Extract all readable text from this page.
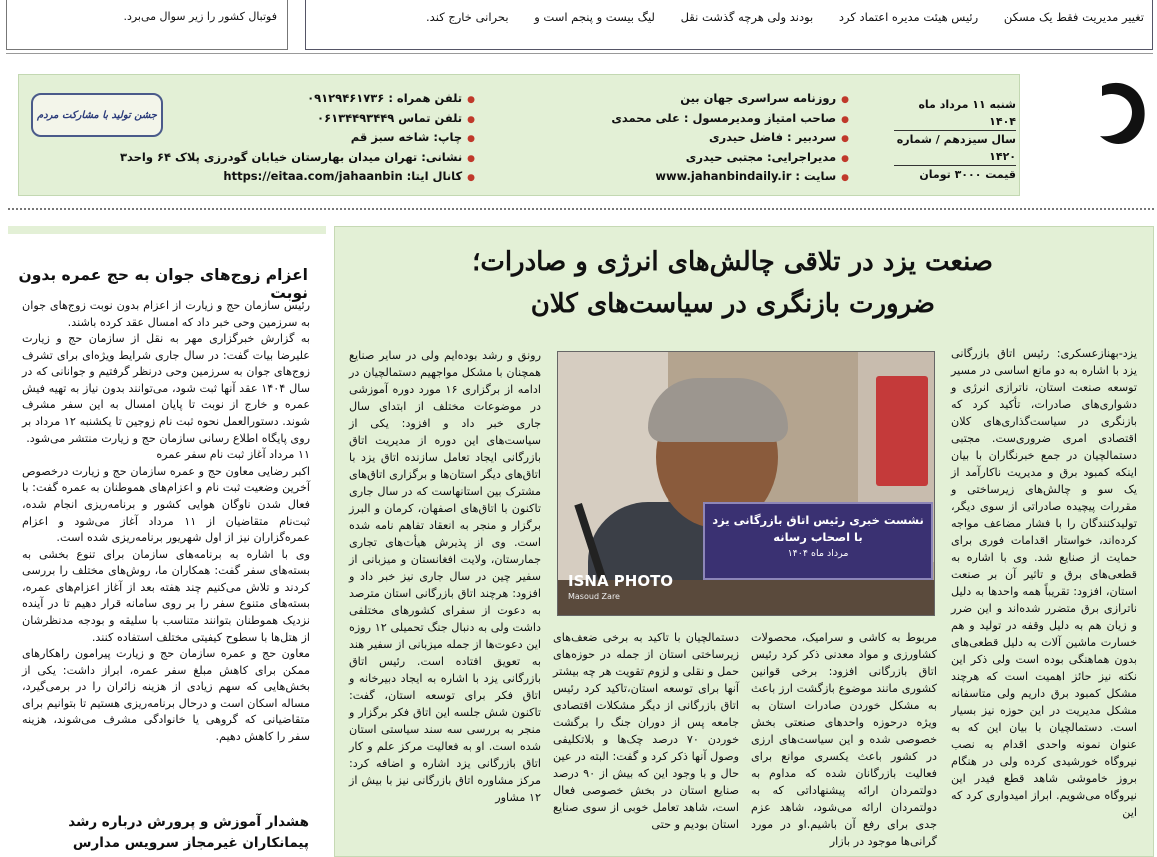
فوتبال کشور را زیر سوال می‌برد.	تغییر مدیریت فقط یک مسکن رئیس هیئت مدیره اعتماد کرد بودند ولی هرچه گذشت نقل لیگ بیست و پنجم است و بحرانی خارج کند.
● روزنامه سراسری جهان بین
● صاحب امتیاز ومدیرمسول : علی محمدی
● سردبیر : فاضل حیدری
● مدیراجرایی: مجتبی حیدری
● سایت : www.jahanbindaily.ir
● تلفن همراه : ۰۹۱۲۹۴۶۱۷۳۶
● تلفن تماس ۰۶۱۳۴۴۹۳۴۴۹
● چاپ: شاخه سبز قم
● نشانی: تهران میدان بهارستان خیابان گودرزی پلاک ۶۴ واحد۳
● کانال ایتا: https://eitaa.com/jahaanbin
جشن تولید با مشارکت مردم
شنبه ۱۱ مرداد ماه ۱۴۰۴
سال سیزدهم / شماره ۱۴۲۰
قیمت ۳۰۰۰ تومان
اعزام زوج‌های جوان به حج عمره بدون نوبت

رئیس سازمان حج و زیارت از اعزام بدون نوبت زوج‌های جوان به سرزمین وحی خبر داد که امسال عقد کرده باشند.

به گزارش خبرگزاری مهر به نقل از سازمان حج و زیارت علیرضا بیات گفت: در سال جاری شرایط ویژه‌ای برای تشرف زوج‌های جوان به سرزمین وحی درنظر گرفتیم و جوانانی که در سال ۱۴۰۴ عقد آنها ثبت شود، می‌توانند بدون نیاز به تهیه فیش عمره و خارج از نوبت تا پایان امسال به این سفر مشرف شوند. دستورالعمل نحوه ثبت نام زوجین تا یکشنبه ۱۲ مرداد بر روی پایگاه اطلاع رسانی سازمان حج و زیارت منتشر می‌شود.

۱۱ مرداد آغاز ثبت نام سفر عمره

اکبر رضایی معاون حج و عمره سازمان حج و زیارت درخصوص آخرین وضعیت ثبت نام و اعزام‌های هموطنان به عمره گفت: با فعال شدن ناوگان هوایی کشور و برنامه‌ریزی انجام شده، ثبت‌نام متقاضیان از ۱۱ مرداد آغاز می‌شود و اعزام عمره‌گزاران نیز از اول شهریور برنامه‌ریزی شده است.

وی با اشاره به برنامه‌های سازمان برای تنوع بخشی به بسته‌های سفر گفت: همکاران ما، روش‌های مختلف را بررسی کردند و تلاش می‌کنیم چند هفته بعد از آغاز اعزام‌های عمره، بسته‌های متنوع سفر را بر روی سامانه قرار دهیم تا در آینده نزدیک هموطنان بتوانند متناسب با سلیقه و بودجه مدنظرشان از هتل‌ها با سطوح کیفیتی مختلف استفاده کنند.

معاون حج و عمره سازمان حج و زیارت پیرامون راهکارهای ممکن برای کاهش مبلغ سفر عمره، ابراز داشت: یکی از بخش‌هایی که سهم زیادی از هزینه زائران را در برمی‌گیرد، مساله اسکان است و درحال برنامه‌ریزی هستیم تا بتوانیم برای متقاضیانی که گروهی یا خانوادگی مشرف می‌شوند، هزینه سفر را کاهش دهیم.

هشدار آموزش و پرورش درباره رشد پیمانکاران غیرمجاز سرویس مدارس
صنعت یزد در تلاقی چالش‌های انرژی و صادرات؛
ضرورت بازنگری در سیاست‌های کلان
یزد-بهنازعسکری: رئیس اتاق بازرگانی یزد با اشاره به دو مانع اساسی در مسیر توسعه صنعت استان، ناترازی انرژی و دشواری‌های صادرات، تأکید کرد که بازنگری در سیاست‌گذاری‌های کلان اقتصادی امری ضروری‌ست. مجتبی دستمالچیان در جمع خبرنگاران با بیان اینکه کمبود برق و مدیریت ناکارآمد از یک سو و چالش‌های زیرساختی و مقررات پیچیده صادراتی از سوی دیگر، تولیدکنندگان را با فشار مضاعف مواجه کرده‌اند، خواستار اقدامات فوری برای حمایت از صنایع شد. وی با اشاره به قطعی‌های برق و تاثیر آن بر صنعت استان، افزود: تقریباً همه واحدها به دلیل ناترازی برق متضرر شده‌اند و این ضرر و زیان هم به دلیل وقفه در تولید و هم خسارت ماشین آلات به دلیل قطعی‌های بدون هماهنگی بوده است ولی ذکر این نکته نیز حائز اهمیت است که هرچند مشکل کمبود برق داریم ولی متاسفانه مشکل مدیریت در این حوزه نیز بسیار است. دستمالچیان با بیان این که به عنوان نمونه واحدی اقدام به نصب نیروگاه خورشیدی کرده ولی در هنگام بروز خاموشی شاهد قطع فیدر این نیروگاه می‌شویم. ابراز امیدواری کرد که این
نشست خبری رئیس اتاق بازرگانی یزد
با اصحاب رسانه
مرداد ماه ۱۴۰۴
ISNA PHOTO
Masoud Zare
مربوط به کاشی و سرامیک، محصولات کشاورزی و مواد معدنی ذکر کرد رئیس اتاق بازرگانی افزود: برخی قوانین کشوری مانند موضوع بازگشت ارز باعث به مشکل خوردن صادرات استان به ویژه درحوزه واحدهای صنعتی بخش خصوصی شده و این سیاست‌های ارزی در کشور باعث یکسری موانع برای فعالیت بازرگانان شده که مداوم به دولتمردان ارائه پیشنهاداتی که به دولتمردان ارائه می‌شود، شاهد عزم جدی برای رفع آن باشیم.او در مورد گرانی‌ها موجود در بازار
دستمالچیان با تاکید به برخی ضعف‌های زیرساختی استان از جمله در حوزه‌های حمل و نقلی و لزوم تقویت هر چه بیشتر آنها برای توسعه استان،تاکید کرد رئیس اتاق بازرگانی از دیگر مشکلات اقتصادی جامعه پس از دوران جنگ را برگشت خوردن ۷۰ درصد چک‌ها و بلاتکلیفی وصول آنها ذکر کرد و گفت: البته در عین حال و با وجود این که بیش از ۹۰ درصد صنایع استان در بخش خصوصی فعال است، شاهد تعامل خوبی از سوی صنایع استان بودیم و حتی
رونق و رشد بوده‌ایم ولی در سایر صنایع همچنان با مشکل مواجهیم دستمالچیان در ادامه از برگزاری ۱۶ مورد دوره آموزشی در موضوعات مختلف از ابتدای سال جاری خبر داد و افزود: یکی از سیاست‌های این دوره از مدیریت اتاق بازرگانی ایجاد تعامل سازنده اتاق یزد با اتاق‌های دیگر استان‌ها و برگزاری اتاق‌های مشترک بین استانهاست که در سال جاری تاکنون با اتاق‌های اصفهان، کرمان و البرز برگزار و منجر به انعقاد تفاهم نامه شده است. وی از پذیرش هیأت‌های تجاری جمارستان، ولایت افغانستان و میزبانی از سفیر چین در سال جاری نیز خبر داد و افزود: هرچند اتاق بازرگانی استان مترصد به دعوت از سفرای کشورهای مختلفی داشت ولی به دنبال جنگ تحمیلی ۱۲ روزه این دعوت‌ها از جمله میزبانی از سفیر هند به تعویق افتاده است. رئیس اتاق بازرگانی یزد با اشاره به ایجاد دبیرخانه و اتاق فکر برای توسعه استان، گفت: تاکنون شش جلسه این اتاق فکر برگزار و منجر به بررسی سه سند سیاستی استان شده است. او به فعالیت مرکز علم و کار اتاق بازرگانی یزد اشاره و اضافه کرد: مرکز مشاوره اتاق بازرگانی نیز با بیش از ۱۲ مشاور
